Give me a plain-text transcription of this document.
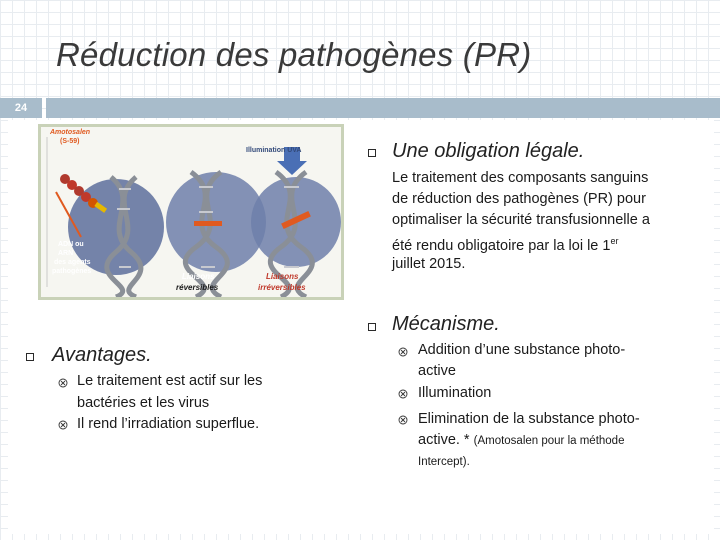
Réduction des pathogènes (PR)
24
Amotosalen
(S-59)
Illumination UVA
ADN ou
ARN
des agents
pathogènes
Liaisons
réversibles
Liaisons
irréversibles
Une obligation légale.
Le traitement des composants sanguins
de réduction des pathogènes (PR) pour
optimaliser la sécurité transfusionnelle a
été rendu obligatoire par la loi le 1er
juillet 2015.
Mécanisme.
Addition d’une substance photo-
active
Illumination
Elimination de la substance photo-
active. * (Amotosalen pour la méthode
Intercept).
Avantages.
Le traitement est actif sur les
bactéries et les virus
Il rend l’irradiation superflue.
